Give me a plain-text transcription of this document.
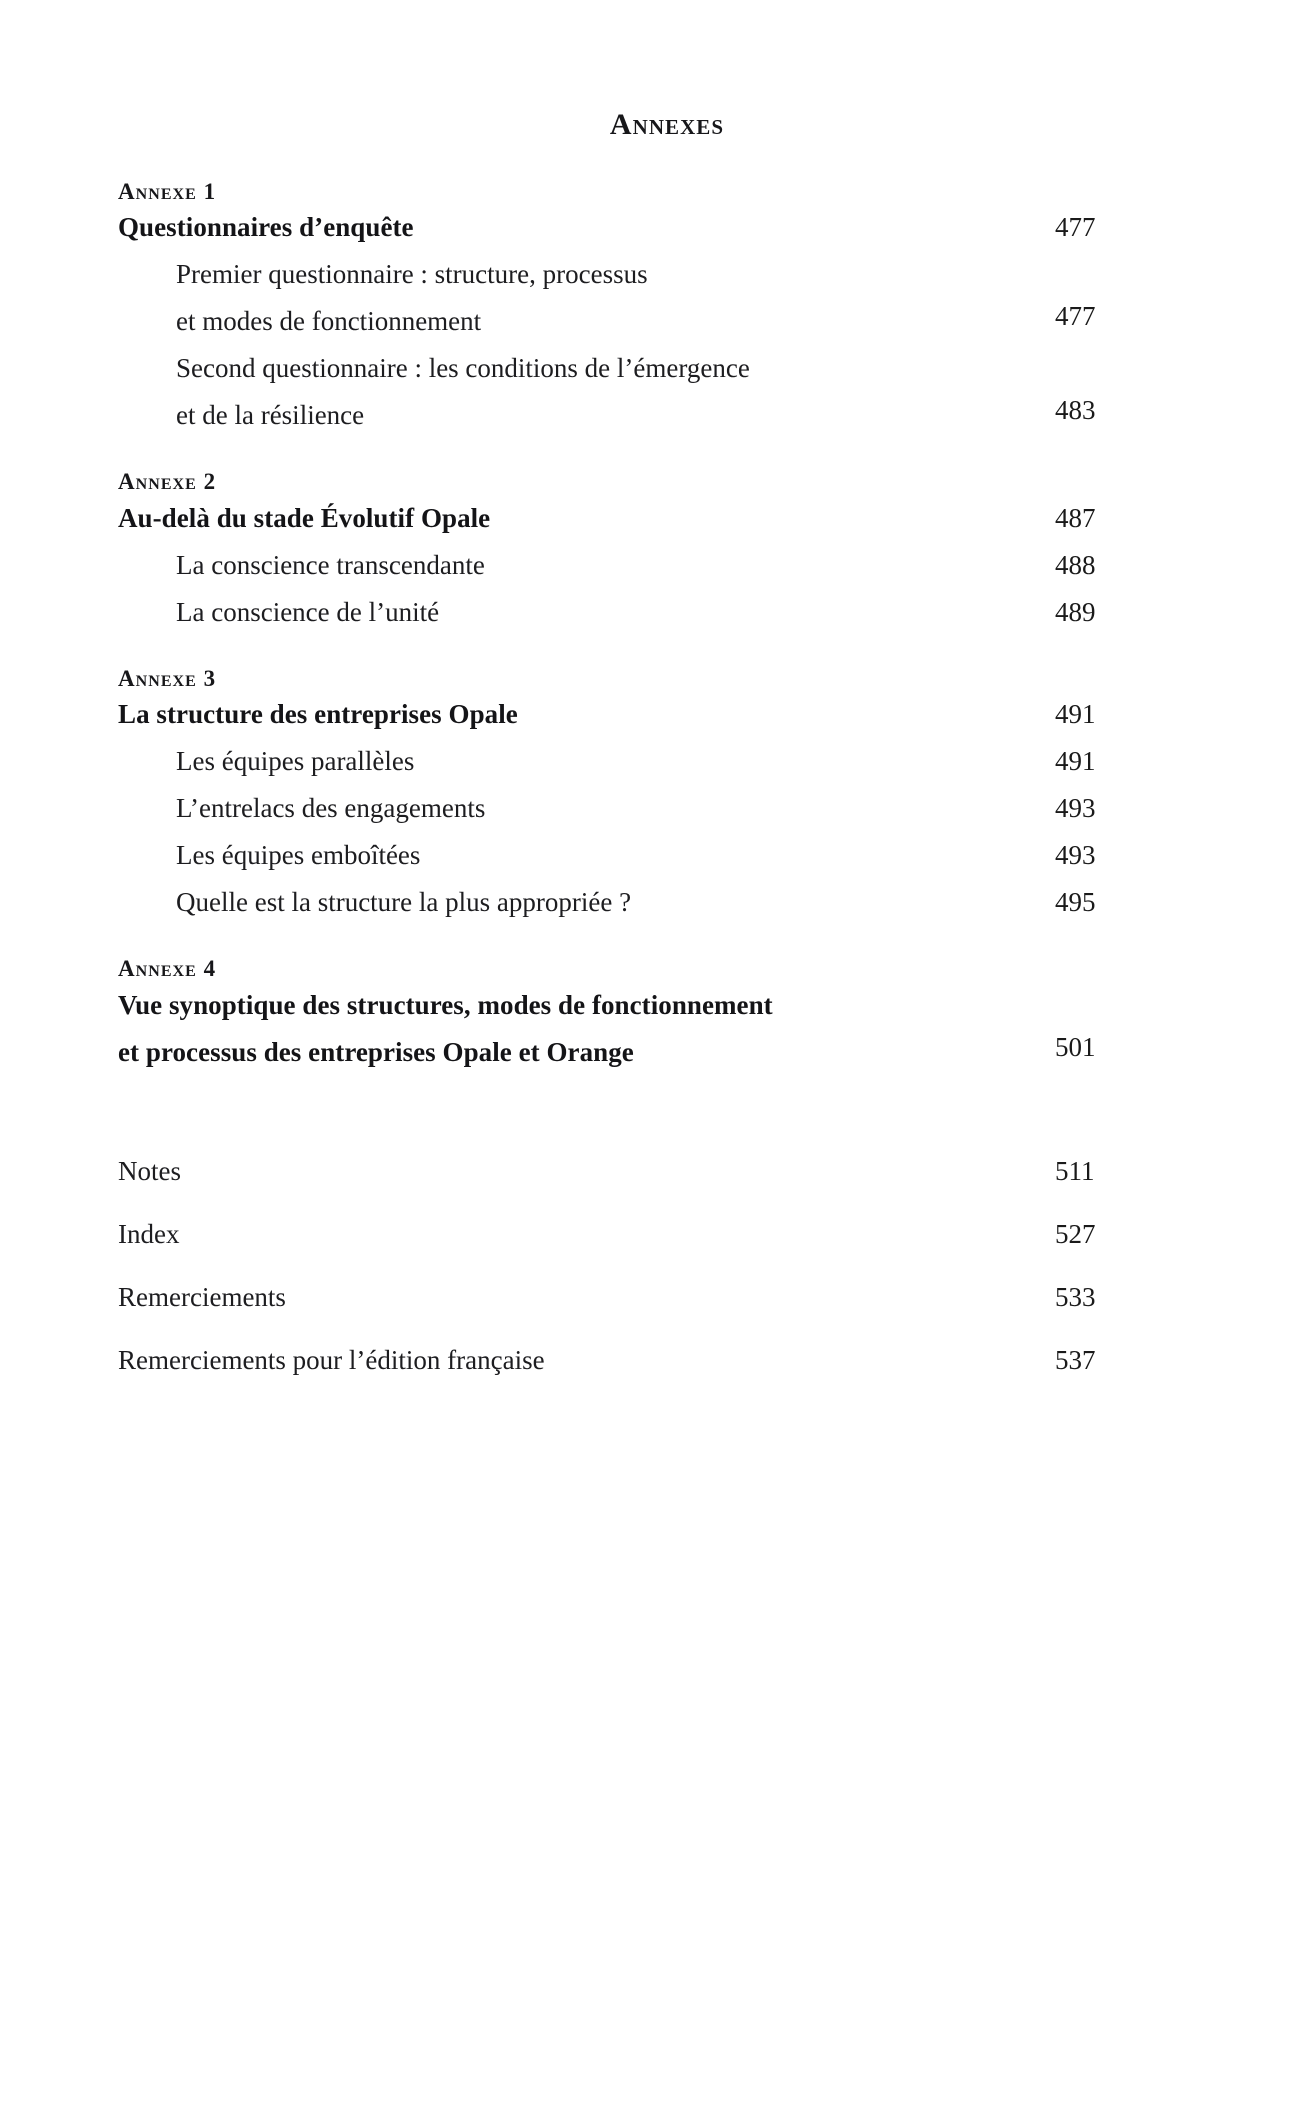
Annexes
Annexe 1
Questionnaires d’enquête	477
Premier questionnaire : structure, processus
et modes de fonctionnement	477
Second questionnaire : les conditions de l’émergence
et de la résilience	483
Annexe 2
Au-delà du stade Évolutif Opale	487
La conscience transcendante	488
La conscience de l’unité	489
Annexe 3
La structure des entreprises Opale	491
Les équipes parallèles	491
L’entrelacs des engagements	493
Les équipes emboîtées	493
Quelle est la structure la plus appropriée ?	495
Annexe 4
Vue synoptique des structures, modes de fonctionnement
et processus des entreprises Opale et Orange	501
Notes	511
Index	527
Remerciements	533
Remerciements pour l’édition française	537
